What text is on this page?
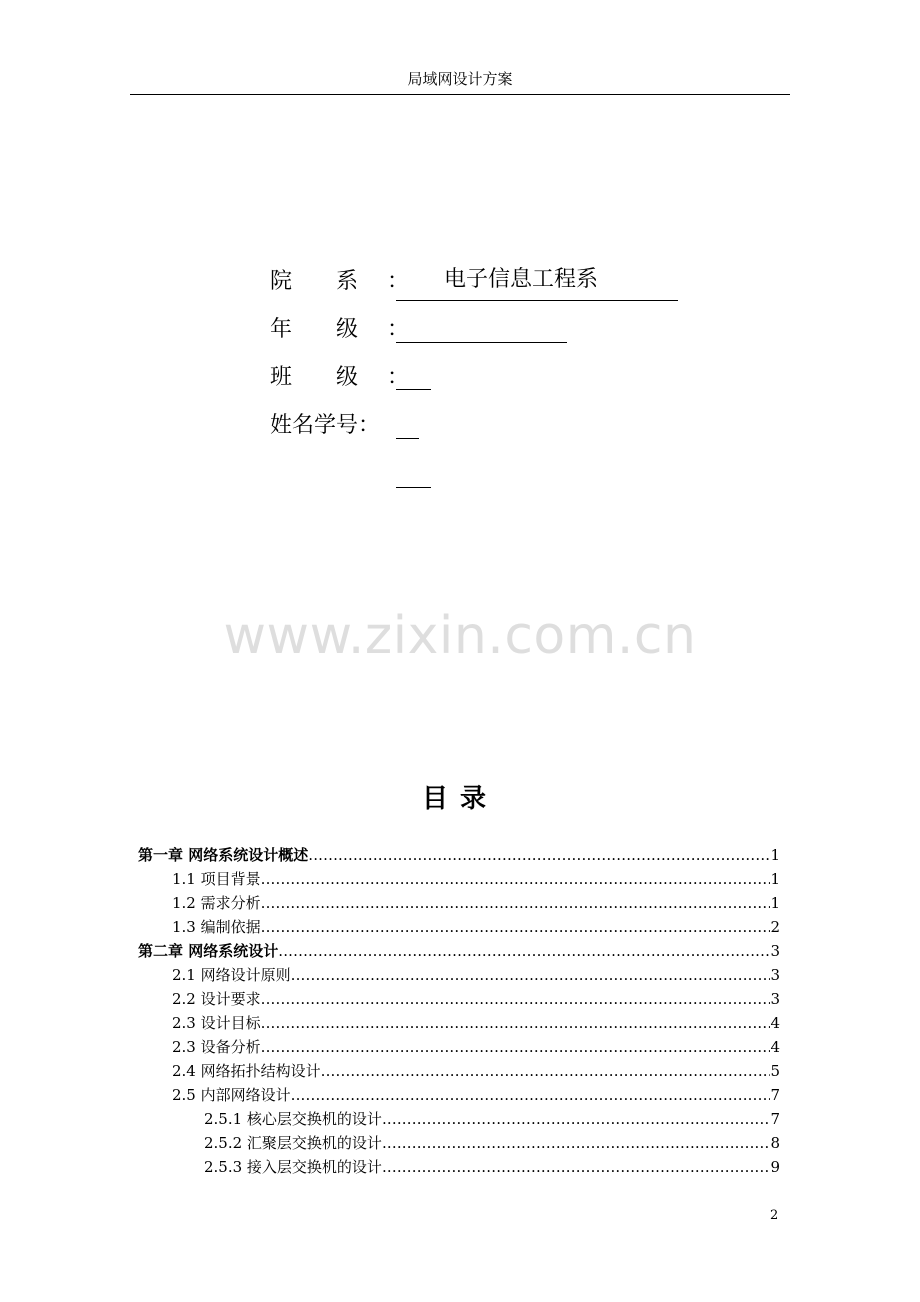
局域网设计方案
院　　系 ：	电子信息工程系
年　　级 ：
班　　级 ：
姓名学号：
www.zixin.com.cn
目录
第一章 网络系统设计概述 .....	1
1.1 项目背景 .....	1
1.2 需求分析 .....	1
1.3 编制依据 .....	2
第二章 网络系统设计 .....	3
2.1 网络设计原则 .....	3
2.2 设计要求 .....	3
2.3 设计目标 .....	4
2.3 设备分析 .....	4
2.4 网络拓扑结构设计 .....	5
2.5 内部网络设计 .....	7
2.5.1 核心层交换机的设计 .....	7
2.5.2 汇聚层交换机的设计 .....	8
2.5.3 接入层交换机的设计 .....	9
2
